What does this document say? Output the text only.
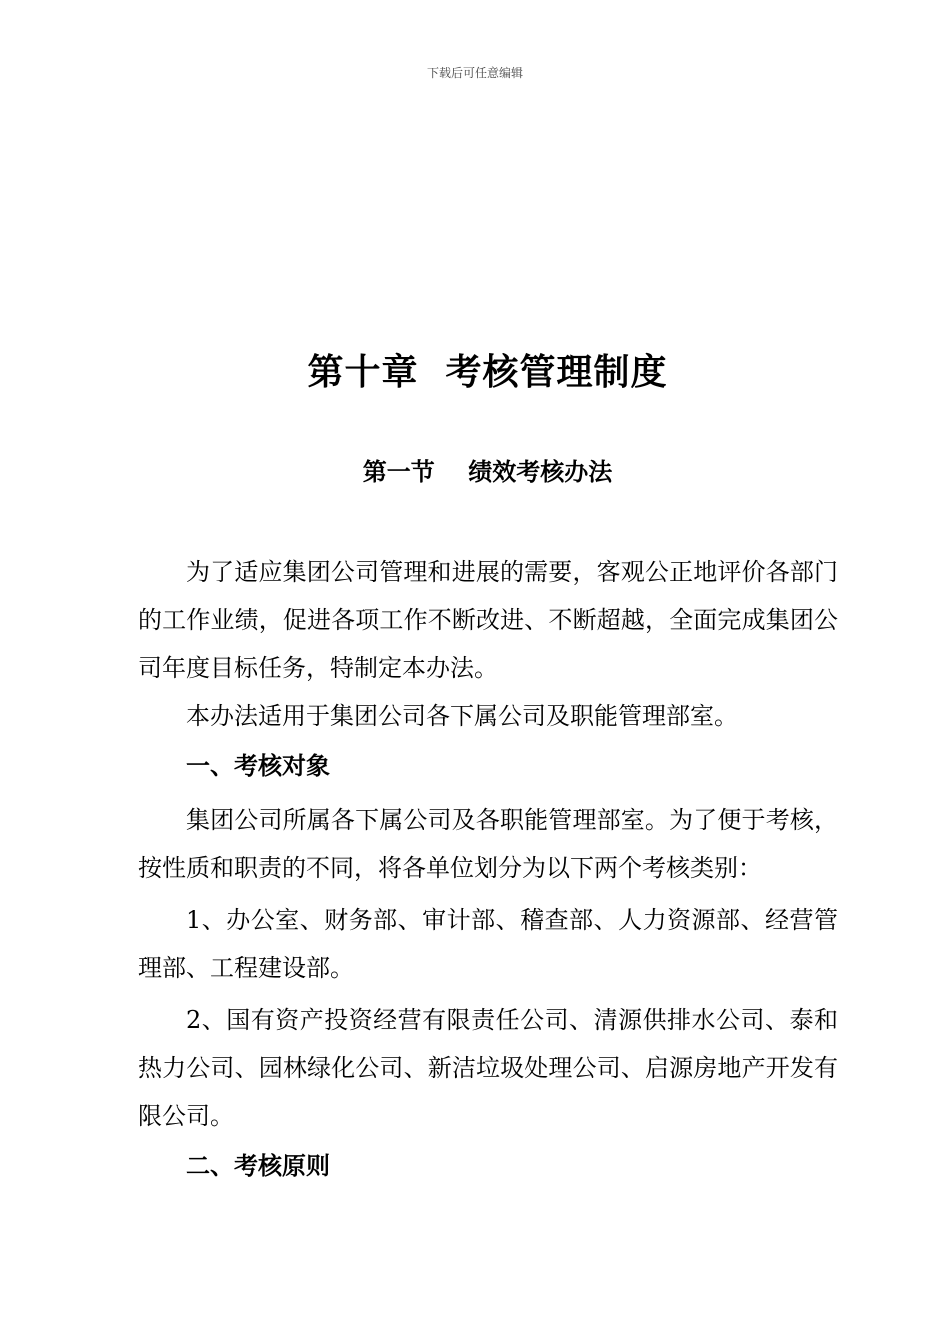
下载后可任意编辑
第十章  考核管理制度
第一节    绩效考核办法

为了适应集团公司管理和进展的需要，客观公正地评价各部门的工作业绩，促进各项工作不断改进、不断超越，全面完成集团公司年度目标任务，特制定本办法。

本办法适用于集团公司各下属公司及职能管理部室。

一、考核对象

集团公司所属各下属公司及各职能管理部室。为了便于考核，按性质和职责的不同，将各单位划分为以下两个考核类别：

1、办公室、财务部、审计部、稽查部、人力资源部、经营管理部、工程建设部。

2、国有资产投资经营有限责任公司、清源供排水公司、泰和热力公司、园林绿化公司、新洁垃圾处理公司、启源房地产开发有限公司。

二、考核原则
